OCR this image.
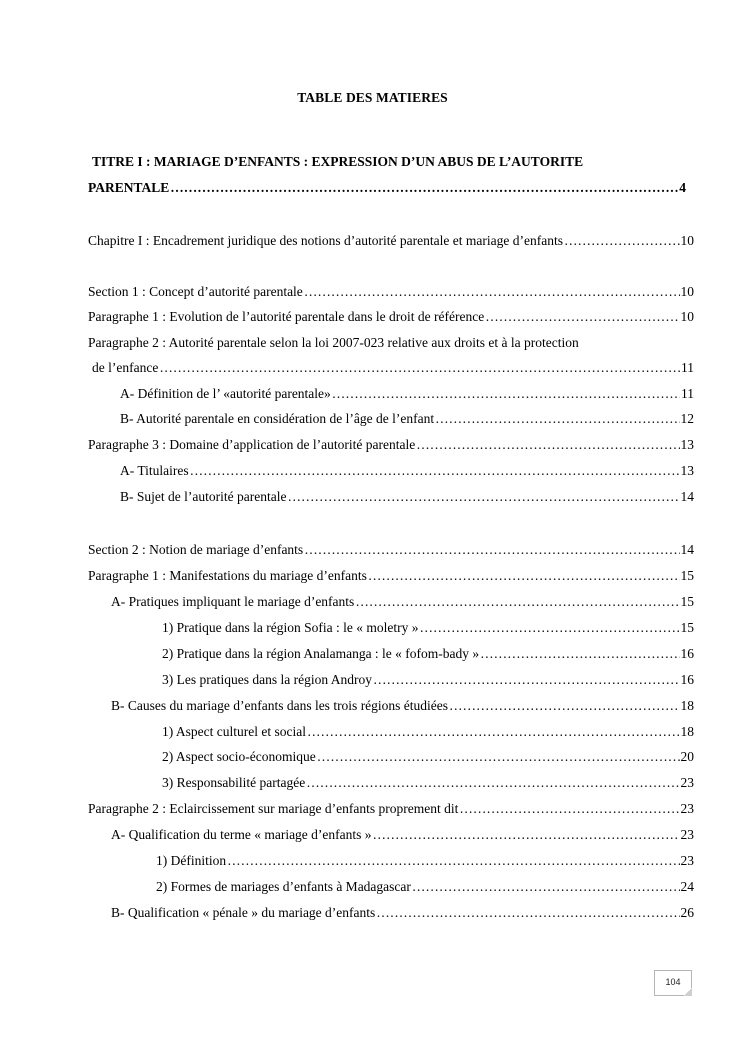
TABLE DES MATIERES
TITRE I : MARIAGE D’ENFANTS : EXPRESSION D’UN ABUS DE L’AUTORITE
PARENTALE …………………………………………………………………………………………………………………………………………………………………………………………………	4
Chapitre I : Encadrement juridique des notions d’autorité parentale et mariage d’enfants …………………………………………………………………………………………………………………………………………………………………………………………………	10
Section 1 : Concept d’autorité parentale …………………………………………………………………………………………………………………………………………………………………………………………………	10
Paragraphe 1 : Evolution de l’autorité parentale dans le droit de référence …………………………………………………………………………………………………………………………………………………………………………………………………	10
Paragraphe 2 : Autorité parentale selon la loi 2007-023 relative aux droits et à la protection
de l’enfance …………………………………………………………………………………………………………………………………………………………………………………………………	11
A- Définition de l’ «autorité parentale» …………………………………………………………………………………………………………………………………………………………………………………………………	11
B- Autorité parentale en considération de l’âge de l’enfant …………………………………………………………………………………………………………………………………………………………………………………………………	12
Paragraphe 3 : Domaine d’application de l’autorité parentale …………………………………………………………………………………………………………………………………………………………………………………………………	13
A- Titulaires …………………………………………………………………………………………………………………………………………………………………………………………………	13
B- Sujet de l’autorité parentale …………………………………………………………………………………………………………………………………………………………………………………………………	14
Section 2 : Notion de mariage d’enfants …………………………………………………………………………………………………………………………………………………………………………………………………	14
Paragraphe 1 : Manifestations du mariage d’enfants …………………………………………………………………………………………………………………………………………………………………………………………………	15
A- Pratiques impliquant le mariage d’enfants …………………………………………………………………………………………………………………………………………………………………………………………………	15
1) Pratique dans la région Sofia : le « moletry » …………………………………………………………………………………………………………………………………………………………………………………………………	15
2) Pratique dans la région Analamanga : le « fofom-bady » …………………………………………………………………………………………………………………………………………………………………………………………………	16
3) Les pratiques dans la région Androy …………………………………………………………………………………………………………………………………………………………………………………………………	16
B- Causes du mariage d’enfants dans les trois régions étudiées …………………………………………………………………………………………………………………………………………………………………………………………………	18
1) Aspect culturel et social …………………………………………………………………………………………………………………………………………………………………………………………………	18
2) Aspect socio-économique …………………………………………………………………………………………………………………………………………………………………………………………………	20
3) Responsabilité partagée …………………………………………………………………………………………………………………………………………………………………………………………………	23
Paragraphe 2 : Eclaircissement sur mariage d’enfants proprement dit …………………………………………………………………………………………………………………………………………………………………………………………………	23
A- Qualification du terme « mariage d’enfants » …………………………………………………………………………………………………………………………………………………………………………………………………	23
1) Définition …………………………………………………………………………………………………………………………………………………………………………………………………	23
2) Formes de mariages d’enfants à Madagascar …………………………………………………………………………………………………………………………………………………………………………………………………	24
B- Qualification « pénale » du mariage d’enfants …………………………………………………………………………………………………………………………………………………………………………………………………	26
104
